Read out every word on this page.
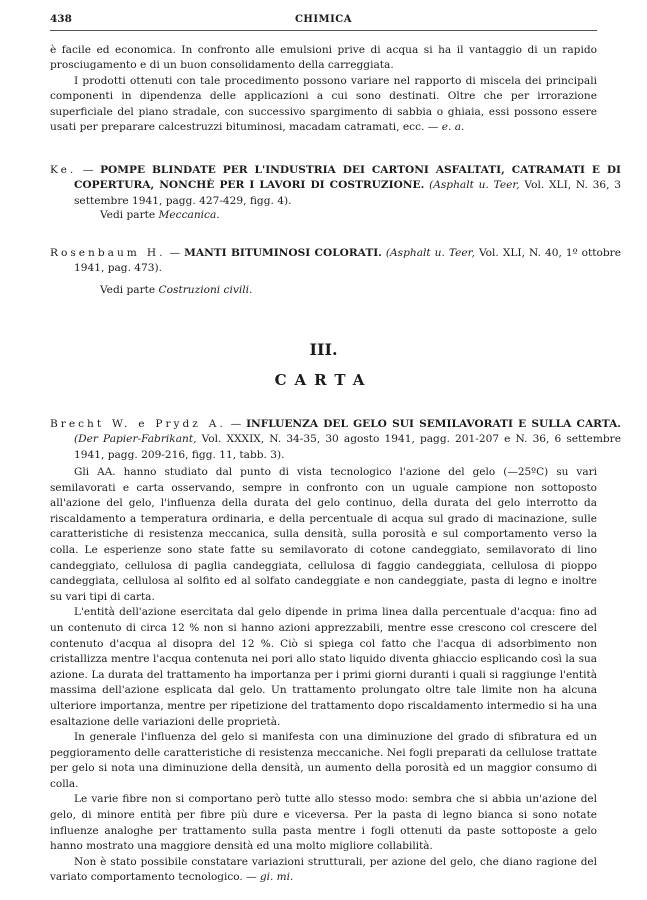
438	CHIMICA

è facile ed economica. In confronto alle emulsioni prive di acqua si ha il vantaggio di un rapido prosciugamento e di un buon consolidamento della carreggiata.

I prodotti ottenuti con tale procedimento possono variare nel rapporto di miscela dei principali componenti in dipendenza delle applicazioni a cui sono destinati. Oltre che per irrorazione superficiale del piano stradale, con successivo spargimento di sabbia o ghiaia, essi possono essere usati per preparare calcestruzzi bituminosi, macadam catramati, ecc. — e. a.

Ke. — POMPE BLINDATE PER L'INDUSTRIA DEI CARTONI ASFALTATI, CATRAMATI E DI COPERTURA, NONCHÈ PER I LAVORI DI COSTRUZIONE. (Asphalt u. Teer, Vol. XLI, N. 36, 3 settembre 1941, pagg. 427-429, figg. 4).
Vedi parte Meccanica.
Rosenbaum H. — MANTI BITUMINOSI COLORATI. (Asphalt u. Teer, Vol. XLI, N. 40, 1º ottobre 1941, pag. 473).
Vedi parte Costruzioni civili.
III.
CARTA
Brecht W. e Prydz A. — INFLUENZA DEL GELO SUI SEMILAVORATI E SULLA CARTA. (Der Papier-Fabrikant, Vol. XXXIX, N. 34-35, 30 agosto 1941, pagg. 201-207 e N. 36, 6 settembre 1941, pagg. 209-216, figg. 11, tabb. 3).

Gli AA. hanno studiato dal punto di vista tecnologico l'azione del gelo (—25ºC) su vari semilavorati e carta osservando, sempre in confronto con un uguale campione non sottoposto all'azione del gelo, l'influenza della durata del gelo continuo, della durata del gelo interrotto da riscaldamento a temperatura ordinaria, e della percentuale di acqua sul grado di macinazione, sulle caratteristiche di resistenza meccanica, sulla densità, sulla porosità e sul comportamento verso la colla. Le esperienze sono state fatte su semilavorato di cotone candeggiato, semilavorato di lino candeggiato, cellulosa di paglia candeggiata, cellulosa di faggio candeggiata, cellulosa di pioppo candeggiata, cellulosa al solfito ed al solfato candeggiate e non candeggiate, pasta di legno e inoltre su vari tipi di carta.

L'entità dell'azione esercitata dal gelo dipende in prima linea dalla percentuale d'acqua: fino ad un contenuto di circa 12 % non si hanno azioni apprezzabili, mentre esse crescono col crescere del contenuto d'acqua al disopra del 12 %. Ciò si spiega col fatto che l'acqua di adsorbimento non cristallizza mentre l'acqua contenuta nei pori allo stato liquido diventa ghiaccio esplicando così la sua azione. La durata del trattamento ha importanza per i primi giorni duranti i quali si raggiunge l'entità massima dell'azione esplicata dal gelo. Un trattamento prolungato oltre tale limite non ha alcuna ulteriore importanza, mentre per ripetizione del trattamento dopo riscaldamento intermedio si ha una esaltazione delle variazioni delle proprietà.

In generale l'influenza del gelo si manifesta con una diminuzione del grado di sfibratura ed un peggioramento delle caratteristiche di resistenza meccaniche. Nei fogli preparati da cellulose trattate per gelo si nota una diminuzione della densità, un aumento della porosità ed un maggior consumo di colla.

Le varie fibre non si comportano però tutte allo stesso modo: sembra che si abbia un'azione del gelo, di minore entità per fibre più dure e viceversa. Per la pasta di legno bianca si sono notate influenze analoghe per trattamento sulla pasta mentre i fogli ottenuti da paste sottoposte a gelo hanno mostrato una maggiore densità ed una molto migliore collabilità.

Non è stato possibile constatare variazioni strutturali, per azione del gelo, che diano ragione del variato comportamento tecnologico. — gi. mi.
